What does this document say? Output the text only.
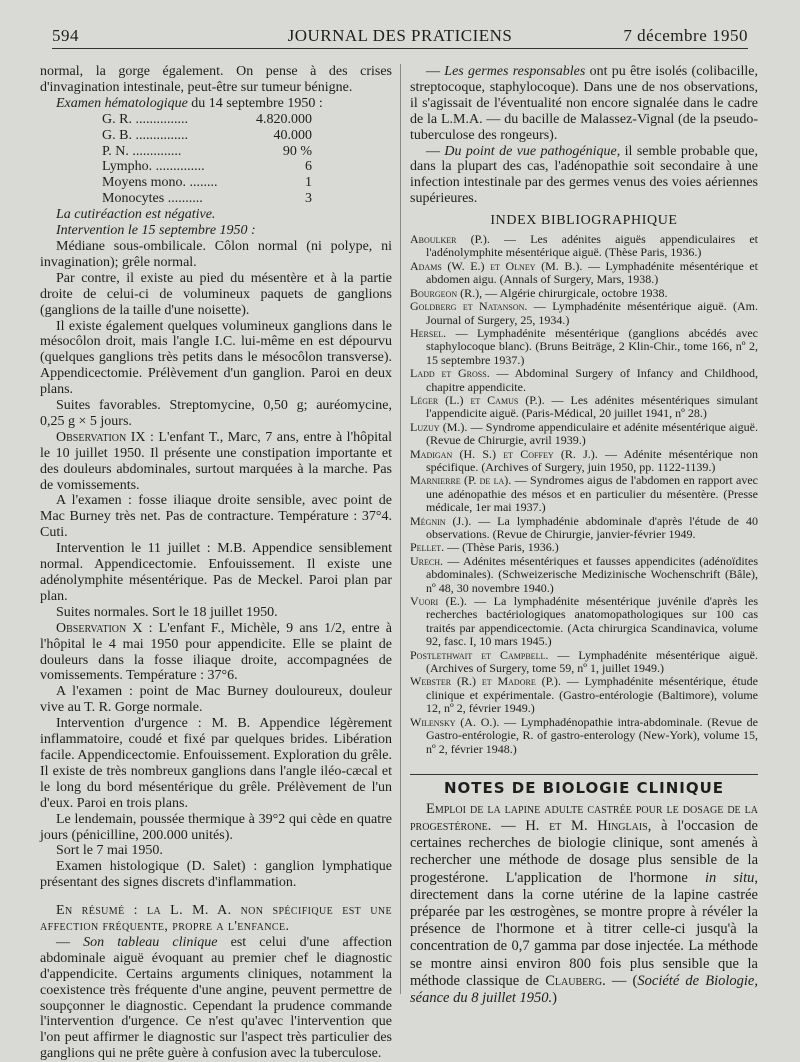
594	JOURNAL DES PRATICIENS	7 décembre 1950

normal, la gorge également. On pense à des crises d'invagination intestinale, peut-être sur tumeur bénigne.

Examen hématologique du 14 septembre 1950 :

G. R. ...............	4.820.000
G. B. ...............	40.000
P. N. ..............	90 %
Lympho. ..............	6
Moyens mono. ........	1
Monocytes ..........	3

La cutiréaction est négative.

Intervention le 15 septembre 1950 :

Médiane sous-ombilicale. Côlon normal (ni polype, ni invagination); grêle normal.

Par contre, il existe au pied du mésentère et à la partie droite de celui-ci de volumineux paquets de ganglions (ganglions de la taille d'une noisette).

Il existe également quelques volumineux ganglions dans le mésocôlon droit, mais l'angle I.C. lui-même en est dépourvu (quelques ganglions très petits dans le mésocôlon transverse). Appendicectomie. Prélèvement d'un ganglion. Paroi en deux plans.

Suites favorables. Streptomycine, 0,50 g; auréomycine, 0,25 g × 5 jours.

Observation IX : L'enfant T., Marc, 7 ans, entre à l'hôpital le 10 juillet 1950. Il présente une constipation importante et des douleurs abdominales, surtout marquées à la marche. Pas de vomissements.

A l'examen : fosse iliaque droite sensible, avec point de Mac Burney très net. Pas de contracture. Température : 37°4. Cuti.

Intervention le 11 juillet : M.B. Appendice sensiblement normal. Appendicectomie. Enfouissement. Il existe une adénolymphite mésentérique. Pas de Meckel. Paroi plan par plan.

Suites normales. Sort le 18 juillet 1950.

Observation X : L'enfant F., Michèle, 9 ans 1/2, entre à l'hôpital le 4 mai 1950 pour appendicite. Elle se plaint de douleurs dans la fosse iliaque droite, accompagnées de vomissements. Température : 37°6.

A l'examen : point de Mac Burney douloureux, douleur vive au T. R. Gorge normale.

Intervention d'urgence : M. B. Appendice légèrement inflammatoire, coudé et fixé par quelques brides. Libération facile. Appendicectomie. Enfouissement. Exploration du grêle. Il existe de très nombreux ganglions dans l'angle iléo-cæcal et le long du bord mésentérique du grêle. Prélèvement de l'un d'eux. Paroi en trois plans.

Le lendemain, poussée thermique à 39°2 qui cède en quatre jours (pénicilline, 200.000 unités).

Sort le 7 mai 1950.

Examen histologique (D. Salet) : ganglion lymphatique présentant des signes discrets d'inflammation.

En résumé : la L. M. A. non spécifique est une affection fréquente, propre a l'enfance.

— Son tableau clinique est celui d'une affection abdominale aiguë évoquant au premier chef le diagnostic d'appendicite. Certains arguments cliniques, notamment la coexistence très fréquente d'une angine, peuvent permettre de soupçonner le diagnostic. Cependant la prudence commande l'intervention d'urgence. Ce n'est qu'avec l'intervention que l'on peut affirmer le diagnostic sur l'aspect très particulier des ganglions qui ne prête guère à confusion avec la tuberculose.

— Les germes responsables ont pu être isolés (colibacille, streptocoque, staphylocoque). Dans une de nos observations, il s'agissait de l'éventualité non encore signalée dans le cadre de la L.M.A. — du bacille de Malassez-Vignal (de la pseudo-tuberculose des rongeurs).

— Du point de vue pathogénique, il semble probable que, dans la plupart des cas, l'adénopathie soit secondaire à une infection intestinale par des germes venus des voies aériennes supérieures.

INDEX BIBLIOGRAPHIQUE

Aboulker (P.). — Les adénites aiguës appendiculaires et l'adénolymphite mésentérique aiguë. (Thèse Paris, 1936.)

Adams (W. E.) et Olney (M. B.). — Lymphadénite mésentérique et abdomen aigu. (Annals of Surgery, Mars, 1938.)

Bourgeon (R.), — Algérie chirurgicale, octobre 1938.

Goldberg et Natanson. — Lymphadénite mésentérique aiguë. (Am. Journal of Surgery, 25, 1934.)

Hersel. — Lymphadénite mésentérique (ganglions abcédés avec staphylocoque blanc). (Bruns Beiträge, 2 Klin-Chir., tome 166, nº 2, 15 septembre 1937.)

Ladd et Gross. — Abdominal Surgery of Infancy and Childhood, chapitre appendicite.

Léger (L.) et Camus (P.). — Les adénites mésentériques simulant l'appendicite aiguë. (Paris-Médical, 20 juillet 1941, nº 28.)

Luzuy (M.). — Syndrome appendiculaire et adénite mésentérique aiguë. (Revue de Chirurgie, avril 1939.)

Madigan (H. S.) et Coffey (R. J.). — Adénite mésentérique non spécifique. (Archives of Surgery, juin 1950, pp. 1122-1139.)

Marnierre (P. de la). — Syndromes aigus de l'abdomen en rapport avec une adénopathie des mésos et en particulier du mésentère. (Presse médicale, 1er mai 1937.)

Mégnin (J.). — La lymphadénie abdominale d'après l'étude de 40 observations. (Revue de Chirurgie, janvier-février 1949.

Pellet. — (Thèse Paris, 1936.)

Urech. — Adénites mésentériques et fausses appendicites (adénoïdites abdominales). (Schweizerische Medizinische Wochenschrift (Bâle), nº 48, 30 novembre 1940.)

Vuori (E.). — La lymphadénite mésentérique juvénile d'après les recherches bactériologiques anatomopathologiques sur 100 cas traités par appendicectomie. (Acta chirurgica Scandinavica, volume 92, fasc. I, 10 mars 1945.)

Postlethwait et Campbell. — Lymphadénite mésentérique aiguë. (Archives of Surgery, tome 59, nº 1, juillet 1949.)

Webster (R.) et Madore (P.). — Lymphadénite mésentérique, étude clinique et expérimentale. (Gastro-entérologie (Baltimore), volume 12, nº 2, février 1949.)

Wilensky (A. O.). — Lymphadénopathie intra-abdominale. (Revue de Gastro-entérologie, R. of gastro-enterology (New-York), volume 15, nº 2, février 1948.)

NOTES DE BIOLOGIE CLINIQUE

Emploi de la lapine adulte castrée pour le dosage de la progestérone. — H. et M. Hinglais, à l'occasion de certaines recherches de biologie clinique, sont amenés à rechercher une méthode de dosage plus sensible de la progestérone. L'application de l'hormone in situ, directement dans la corne utérine de la lapine castrée préparée par les œstrogènes, se montre propre à révéler la présence de l'hormone et à titrer celle-ci jusqu'à la concentration de 0,7 gamma par dose injectée. La méthode se montre ainsi environ 800 fois plus sensible que la méthode classique de Clauberg. — (Société de Biologie, séance du 8 juillet 1950.)
